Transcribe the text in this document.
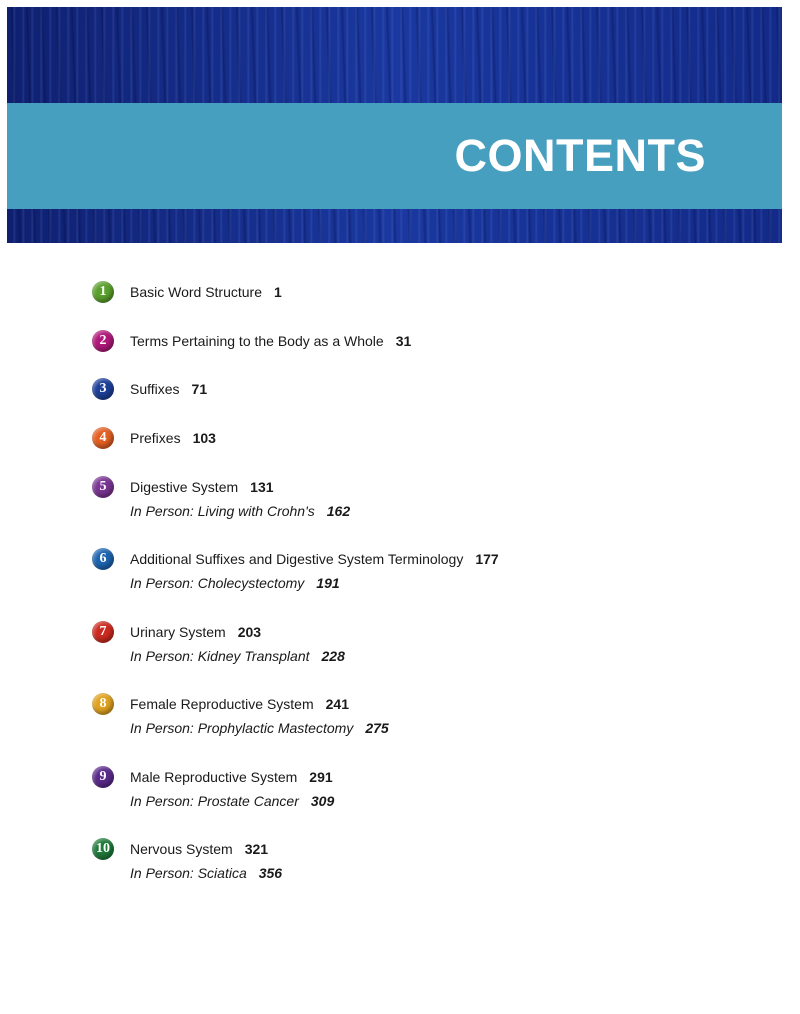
CONTENTS
1	Basic Word Structure 1
2	Terms Pertaining to the Body as a Whole 31
3	Suffixes 71
4	Prefixes 103
5	Digestive System 131
In Person: Living with Crohn's 162
6	Additional Suffixes and Digestive System Terminology 177
In Person: Cholecystectomy 191
7	Urinary System 203
In Person: Kidney Transplant 228
8	Female Reproductive System 241
In Person: Prophylactic Mastectomy 275
9	Male Reproductive System 291
In Person: Prostate Cancer 309
10 Nervous System 321
In Person: Sciatica 356
